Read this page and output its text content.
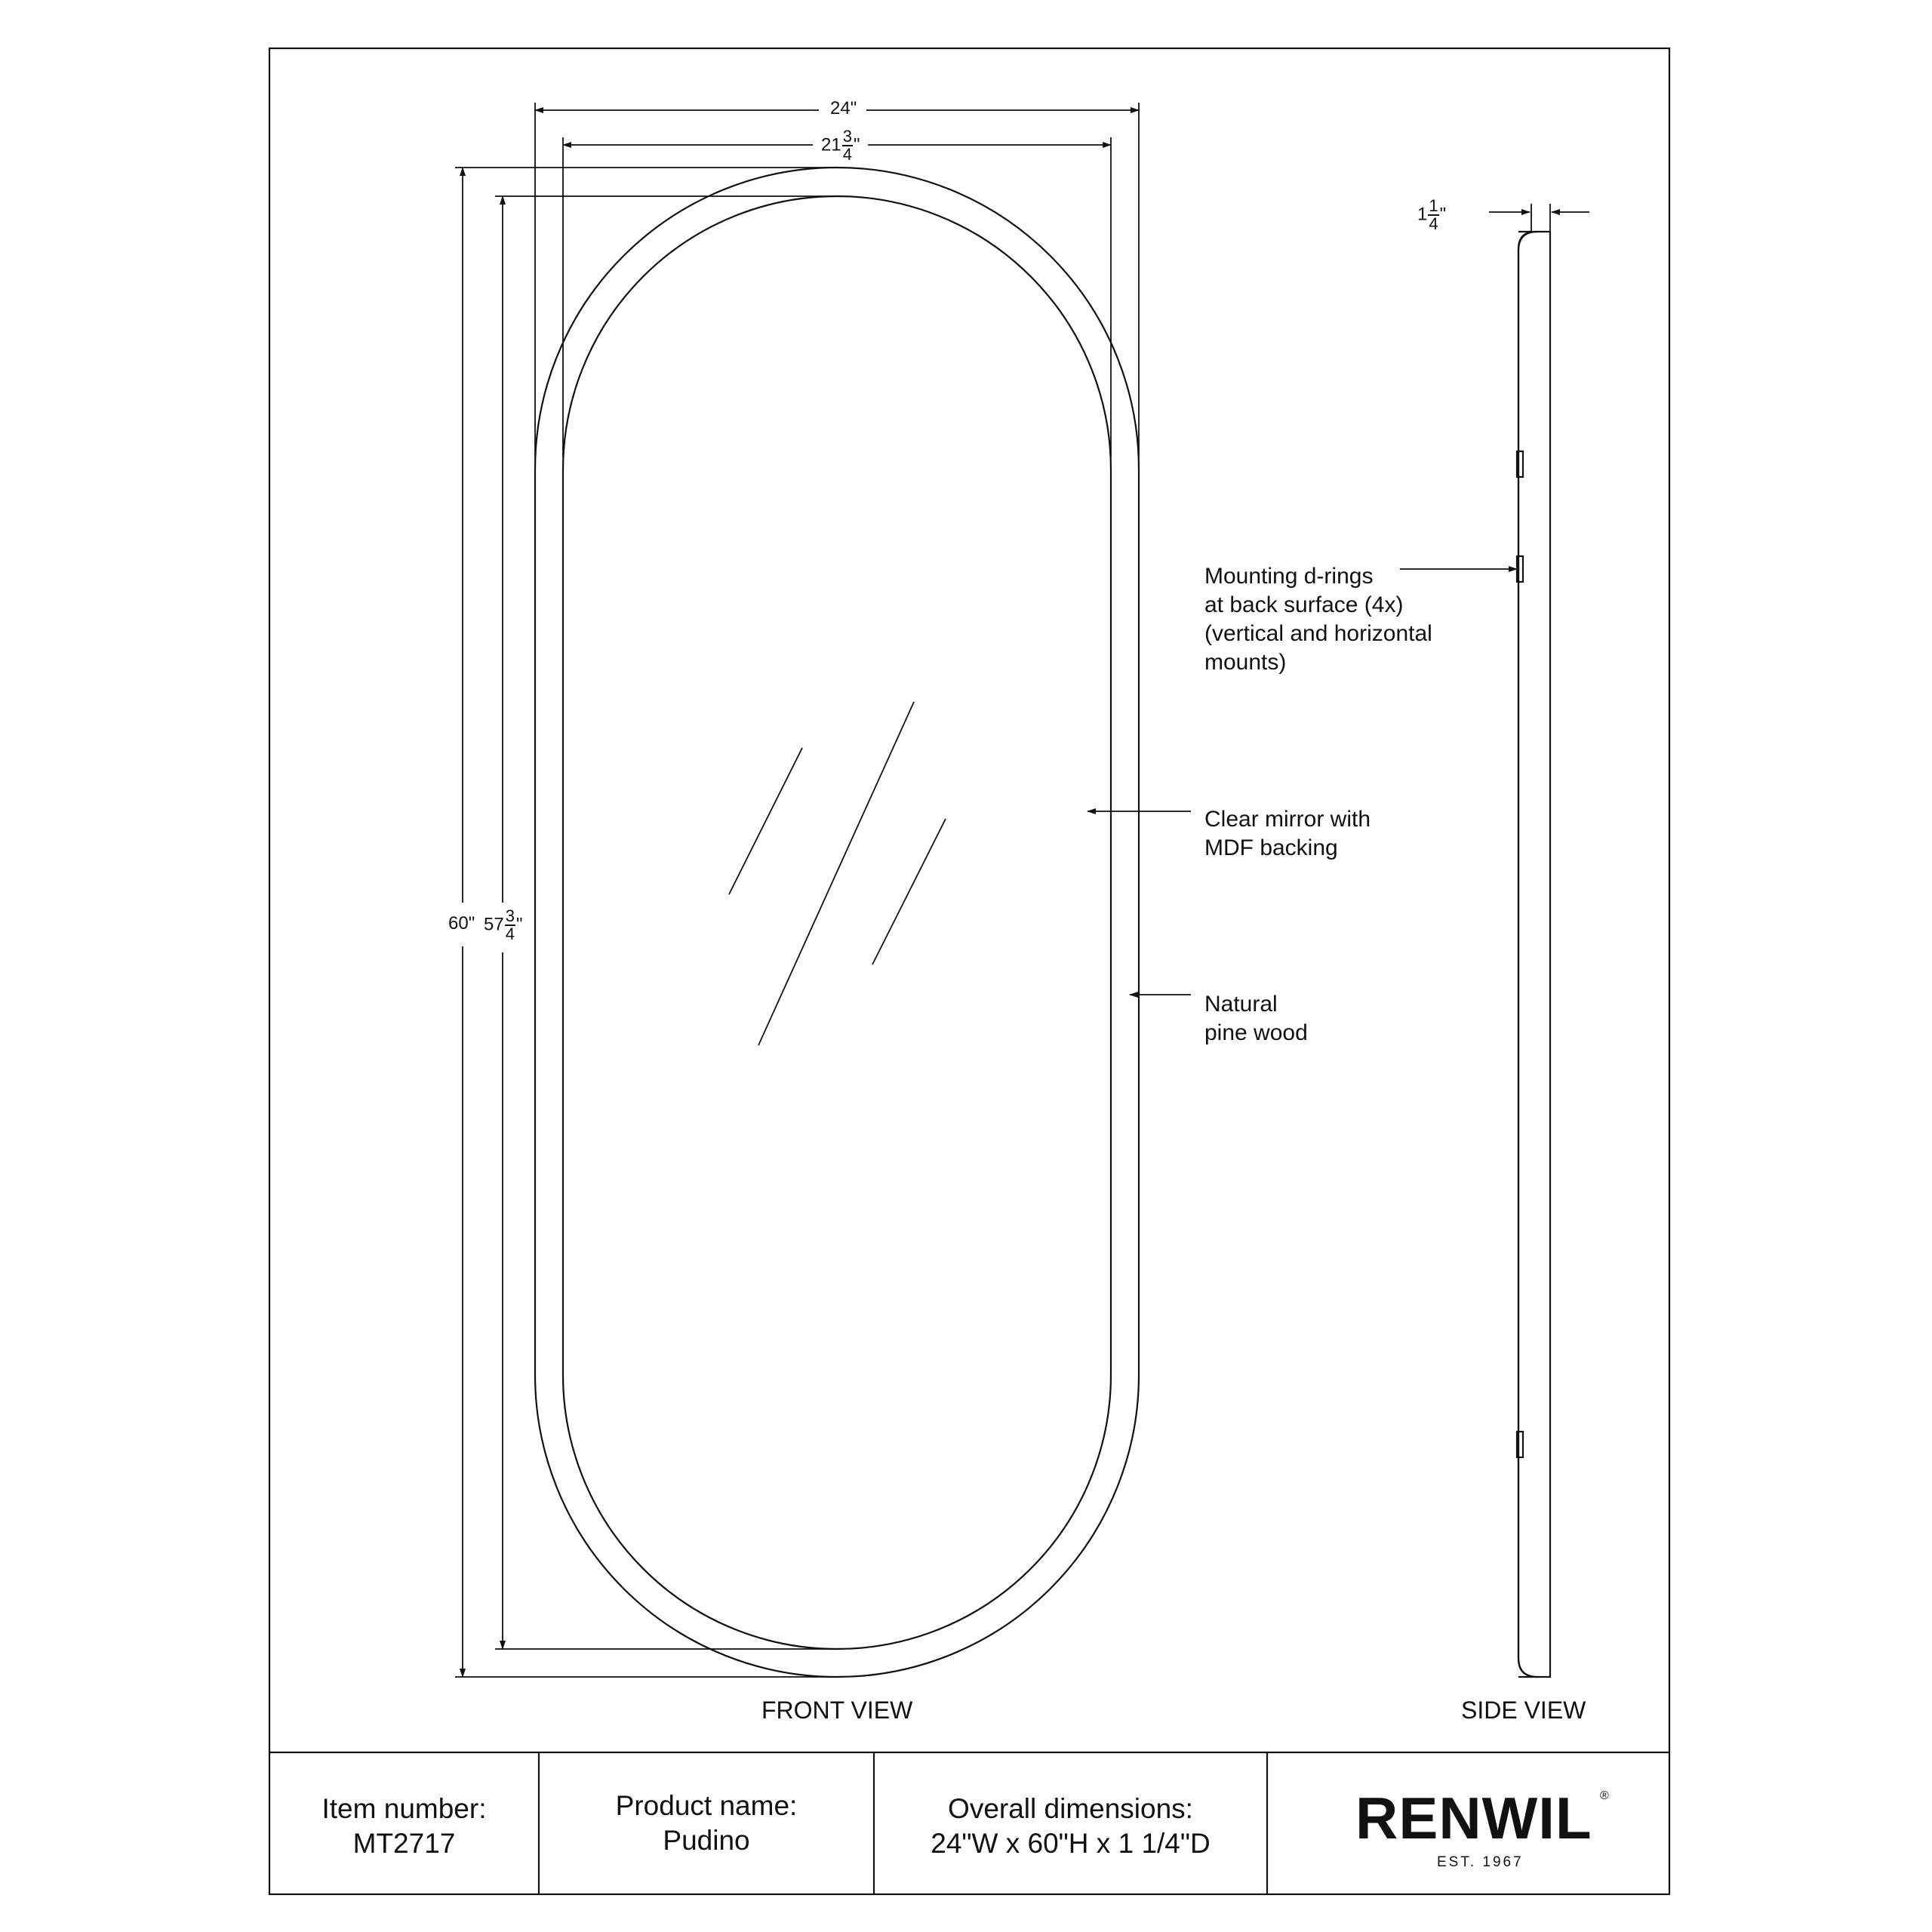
24"
$21 \frac{3}{4}$ "
60" $57 \frac{3}{4}$ "
$1 \frac{1}{4}$ "
FRONT VIEW	SIDE VIEW
Mounting d-rings
at back surface (4x)
(vertical and horizontal
mounts)
Clear mirror with
MDF backing
Natural
pine wood
Item number:
MT2717
Product name:
Pudino
Overall dimensions:
24"W x 60"H x 1 1/4"D	RENWIL ®
EST. 1967
